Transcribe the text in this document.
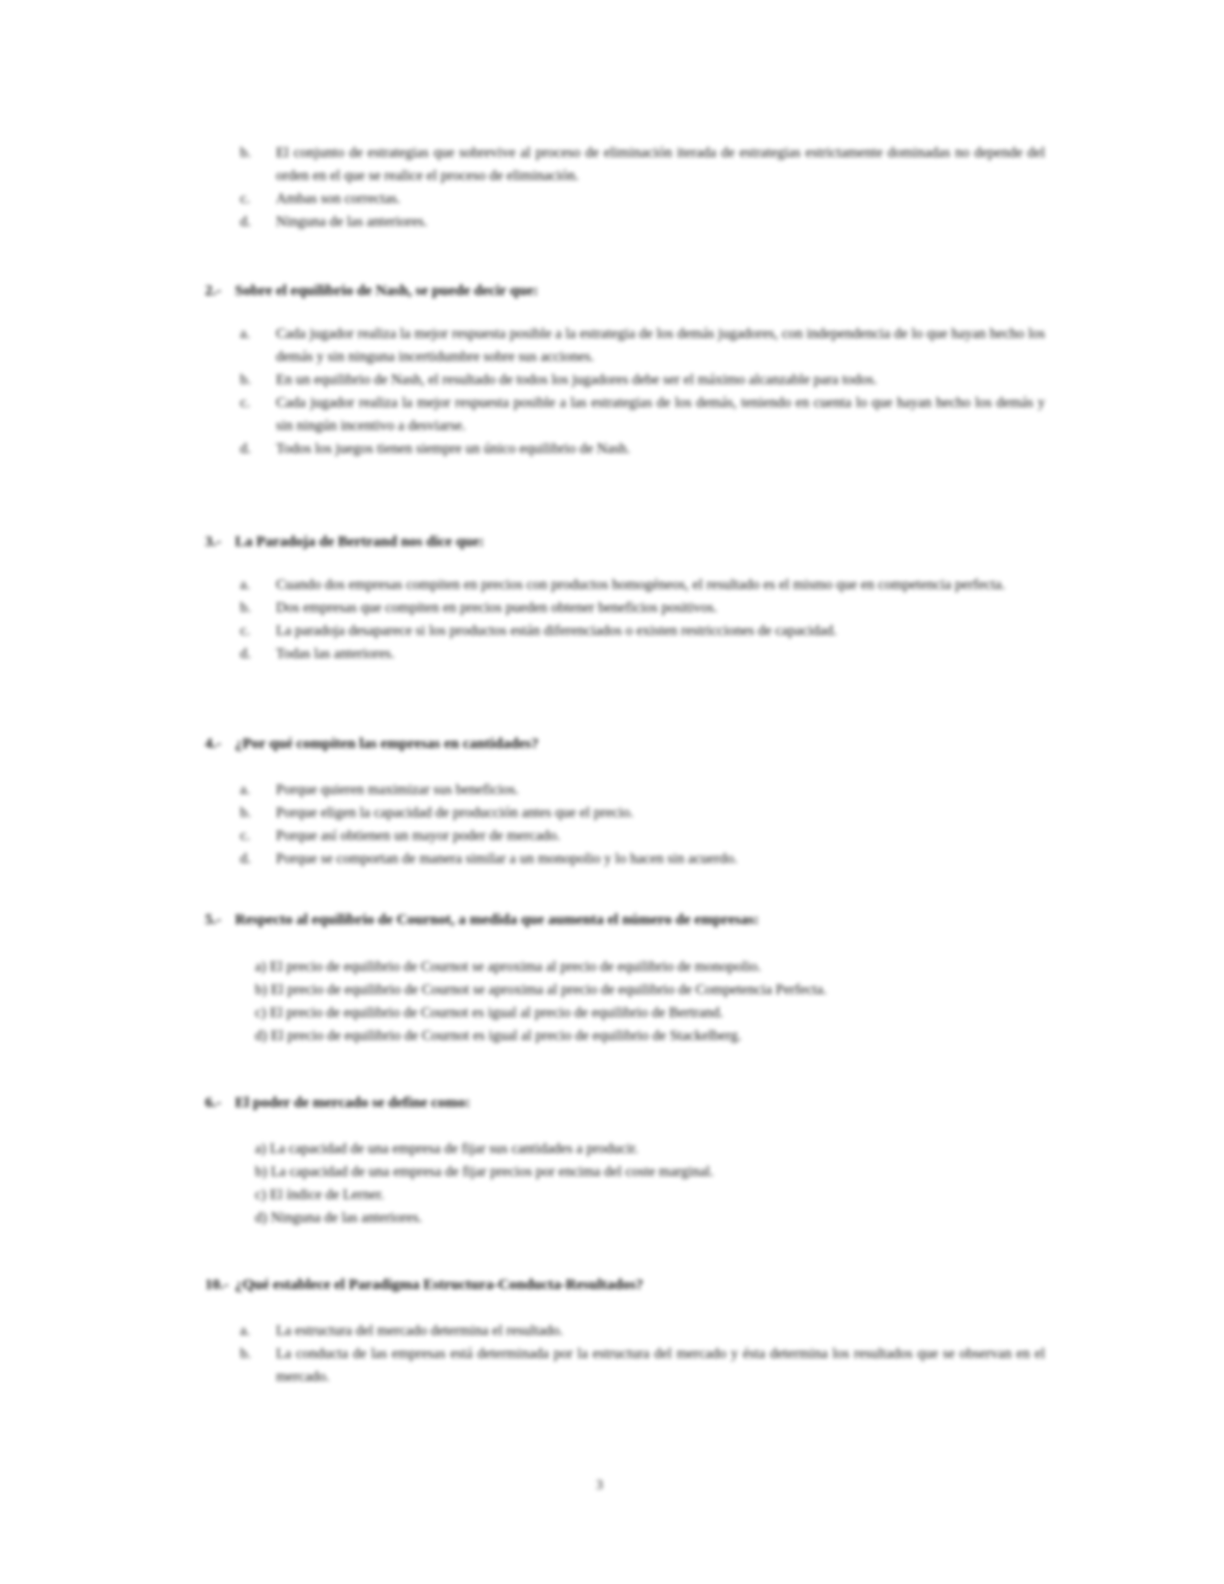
b. El conjunto de estrategias que sobrevive al proceso de eliminación iterada de estrategias estrictamente dominadas no depende del orden en el que se realice el proceso de eliminación.
c. Ambas son correctas.
d. Ninguna de las anteriores.
2.- Sobre el equilibrio de Nash, se puede decir que:
a. Cada jugador realiza la mejor respuesta posible a la estrategia de los demás jugadores, con independencia de lo que hayan hecho los demás y sin ninguna incertidumbre sobre sus acciones.
b. En un equilibrio de Nash, el resultado de todos los jugadores debe ser el máximo alcanzable para todos.
c. Cada jugador realiza la mejor respuesta posible a las estrategias de los demás, teniendo en cuenta lo que hayan hecho los demás y sin ningún incentivo a desviarse.
d. Todos los juegos tienen siempre un único equilibrio de Nash.
3.- La Paradoja de Bertrand nos dice que:
a. Cuando dos empresas compiten en precios con productos homogéneos, el resultado es el mismo que en competencia perfecta.
b. Dos empresas que compiten en precios pueden obtener beneficios positivos.
c. La paradoja desaparece si los productos están diferenciados o existen restricciones de capacidad.
d. Todas las anteriores.
4.- ¿Por qué compiten las empresas en cantidades?
a. Porque quieren maximizar sus beneficios.
b. Porque eligen la capacidad de producción antes que el precio.
c. Porque así obtienen un mayor poder de mercado.
d. Porque se comportan de manera similar a un monopolio y lo hacen sin acuerdo.
5.- Respecto al equilibrio de Cournot, a medida que aumenta el número de empresas:
a) El precio de equilibrio de Cournot se aproxima al precio de equilibrio de monopolio.
b) El precio de equilibrio de Cournot se aproxima al precio de equilibrio de Competencia Perfecta.
c) El precio de equilibrio de Cournot es igual al precio de equilibrio de Bertrand.
d) El precio de equilibrio de Cournot es igual al precio de equilibrio de Stackelberg.
6.- El poder de mercado se define como:
a) La capacidad de una empresa de fijar sus cantidades a producir.
b) La capacidad de una empresa de fijar precios por encima del coste marginal.
c) El índice de Lerner.
d) Ninguna de las anteriores.
10.- ¿Qué establece el Paradigma Estructura-Conducta-Resultados?
a. La estructura del mercado determina el resultado.
b. La conducta de las empresas está determinada por la estructura del mercado y ésta determina los resultados que se observan en el mercado.
3
